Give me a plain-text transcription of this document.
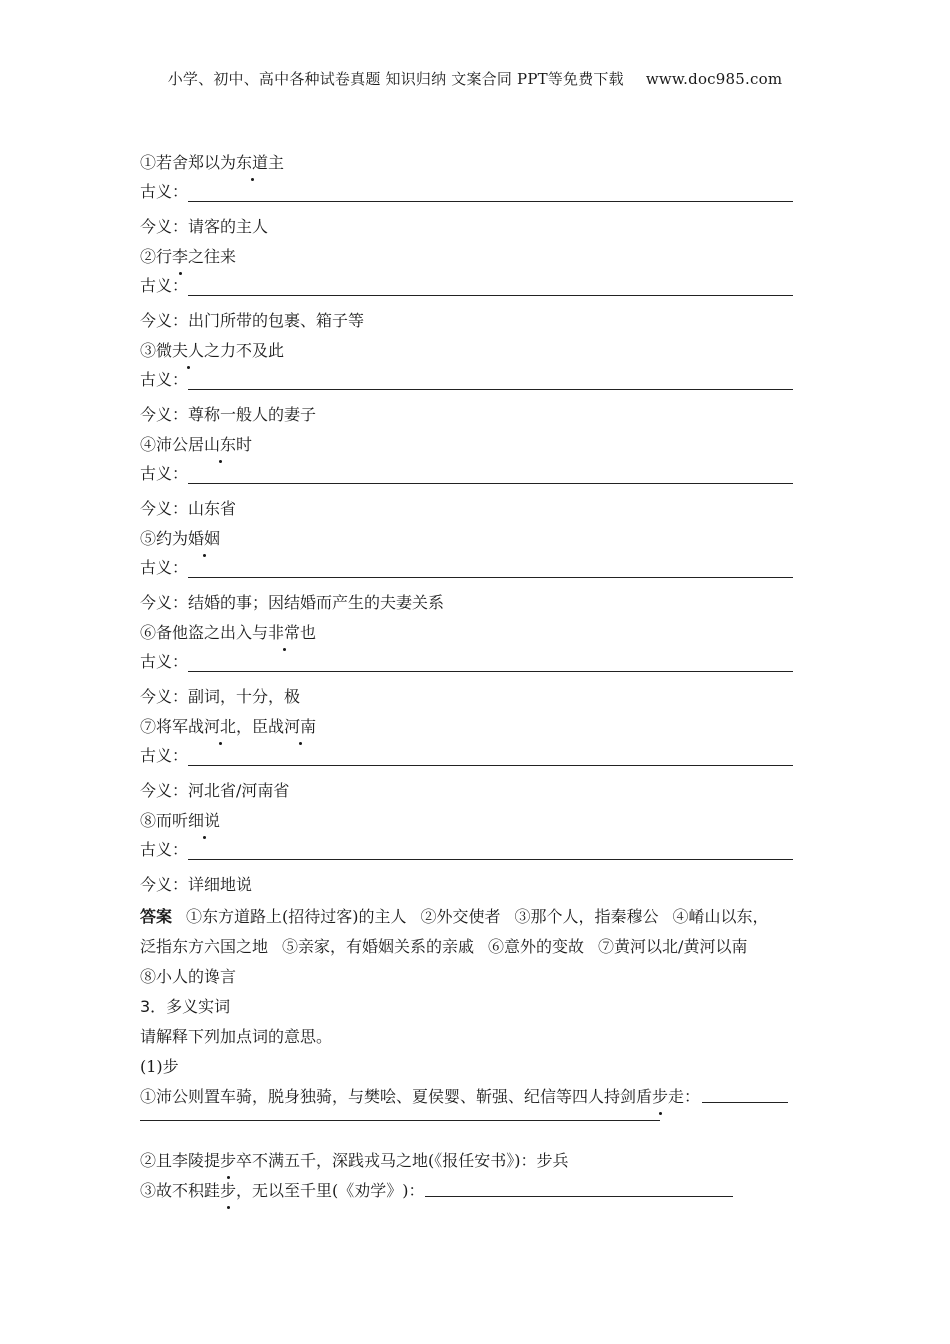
小学、初中、高中各种试卷真题 知识归纳 文案合同 PPT等免费下载 www.doc985.com
①若舍郑以为东道主
古义：
今义：请客的主人
②行李之往来
古义：
今义：出门所带的包裹、箱子等
③微夫人之力不及此
古义：
今义：尊称一般人的妻子
④沛公居山东时
古义：
今义：山东省
⑤约为婚姻
古义：
今义：结婚的事；因结婚而产生的夫妻关系
⑥备他盗之出入与非常也
古义：
今义：副词，十分，极
⑦将军战河北，臣战河南
古义：
今义：河北省/河南省
⑧而听细说
古义：
今义：详细地说
答案 ①东方道路上(招待过客)的主人 ②外交使者 ③那个人，指秦穆公 ④崤山以东，
泛指东方六国之地 ⑤亲家，有婚姻关系的亲戚 ⑥意外的变故 ⑦黄河以北/黄河以南
⑧小人的谗言
3．多义实词
请解释下列加点词的意思。
(1)步
①沛公则置车骑，脱身独骑，与樊哙、夏侯婴、靳强、纪信等四人持剑盾 步 走：
②且李陵提步卒不满五千，深践戎马之地(《报任安书》)：步兵
③故不积跬 步 ，无以至千里( 《劝学》 )：
